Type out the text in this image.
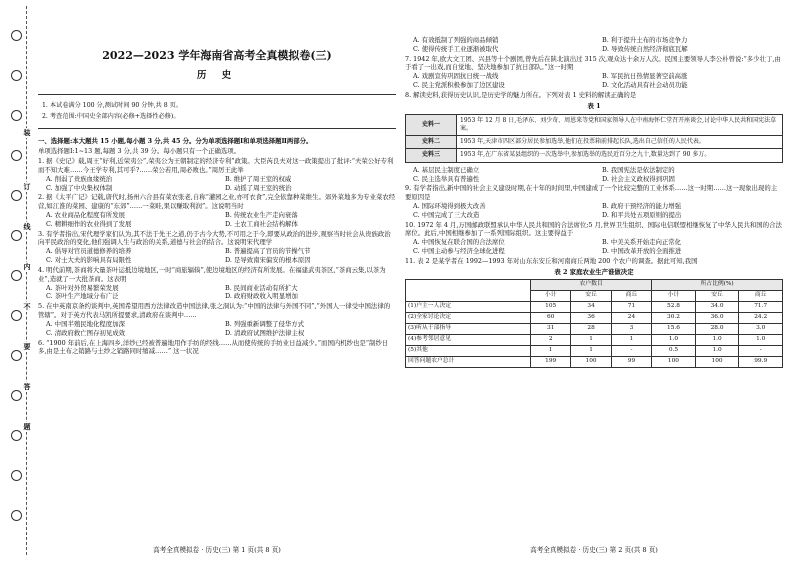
装
订
线
内
不
要
答
题
2022—2023 学年海南省高考全真模拟卷(三)
历 史
1. 本试卷满分 100 分,测试时间 90 分钟,共 8 页。
2. 考查范围:中国史全部内容(必修+选择性必修)。

一、选择题:本大题共 15 小题,每小题 3 分,共 45 分。分为单项选择题Ⅰ和单项选择题Ⅱ两部分。

单项选择题Ⅰ:1~13 题,每题 3 分,共 39 分。每小题只有一个正确选项。

1. 据《史记》载,周王“好利,近荣夷公”,荣夷公为王朝制定的经济专利”政策。大臣芮良夫对这一政策提出了批评:“夫荣公好专利而不知大难……今王学专利,其可乎?……荣公若用,周必败也。”周厉王此举

A. 削弱了贵族血缘统治	B. 维护了周王室的权威
C. 加强了中央集权体制	D. 动摇了周王室的统治

2. 据《太平广记》记载,唐代时,扬州六合县有菜农张老,自称“灌园之业,亦可衣食”,完全依靠种菜维生。郊外菜地多为专业菜农经营,如江淮的菜园、建康的“东郊”……一菜畦,果以赚取利润”。这说明当时

A. 农业商品化程度有所发展	B. 传统农业生产走向衰落
C. 精耕细作的农业得到了发展	D. 土农工商社会结构解体

3. 有学者指出,宋代理学家们认为,其不法于先王之道,仍于古今大势,不可用之于今,即要从政治的进步,观察当时社会从贵族政治向平民政治的变化,他们强调人生与政治的关系,道德与社会的结合。这说明宋代理学

A. 倡导对官员道德修养的培养	B. 普遍提高了官员的节操气节
C. 对士大夫的影响具有局限性	D. 是导致南宋偏安的根本原因

4. 明代前期,茶商将大量茶叶运抵边境地区,一时“商旅辐辏”,使边境地区的经济有所发展。在福建武夷茶区,“茶商云集,以茶为业”,造就了一大批茶商。这表明

A. 茶叶对外贸易繁荣发展	B. 民间商业活动有所扩大
C. 茶叶生产地域分布广泛	D. 政府财政收入明显增加

5. 在中英南京条约谈判中,英国希望用西方法律改造中国法律,张之洞认为:“中国的法律与外国不同”,“外国人一律受中国法律的管辖”。对于英方代表马凯所提要求,清政府在谈判中……

A. 中国半殖民地化程度加深	B. 列强重新调整了侵华方式
C. 清政府救亡图存初见成效	D. 清政府试图维护法律主权

6. “1900 年前后,在上海四乡,洋纱已经被普遍地用作手纺的经线……从而使传统的手纺业日益减少。”而国内机纱也是“制纱日多,由是土布之销路与土纱之销路同时缩减……” 这一状况

高考全真模拟卷 · 历史(三) 第 1 页(共 8 页)
A. 有效抵制了列强的商品倾销	B. 利于提升土布的市场竞争力
C. 使得传统手工业逐渐被取代	D. 导致传统自然经济彻底瓦解

7. 1942 年,欧大文工团、兴县等十个剧团,曾先后在陕北演出过 315 次,观众达十余万人次。民国主要领导人李公朴曾说:“多少壮丁,由于看了一出戏,而自觉地、坚决地参加了抗日部队。”这一时期

A. 戏剧宣传巩固抗日统一战线	B. 军民抗日热情显著空前高涨
C. 民主党派积极参加了边区建设	D. 文化活动具有社会动员功能

8. 解读史料,获得历史认识,是历史学的魅力所在。下列对表 1 史料的解读正确的是

表 1
史料一	1953 年 12 月 8 日,毛泽东、刘少奇、周恩来等党和国家领导人在中南海怀仁堂召开座谈会,讨论中华人民共和国宪法草案。
史料二	1953 年,天津市四区部分居民参加选举,他们在投票箱前排起长队,选出自己信任的人民代表。
史料三	1953 年,在广东省某县组织的一次选举中,参加选举的选民近百分之九十,数量达到了 90 多万。
A. 基层民主制度已确立	B. 我国宪法是依法制定的
C. 民主选举具有普遍性	D. 社会主义政权得到巩固

9. 有学者指出,新中国的社会主义建设时期,在十年的时间里,中国建成了一个比较完整的工业体系……这一时期……这一现象出现的主要原因是

A. 国际环境得到极大改善	B. 政府干预经济的能力增强
C. 中国完成了三大改造	D. 和平共处五项原则的提出

10. 1972 年 4 月,万国邮政联盟承认中华人民共和国的合法席位;5 月,世界卫生组织、国际电信联盟相继恢复了中华人民共和国的合法席位。此后,中国相继参加了一系列国际组织。这主要得益于

A. 中国恢复在联合国的合法席位	B. 中美关系开始走向正常化
C. 中国主动参与经济全球化进程	D. 中国改革开放的全面推进

11. 表 2 是某学者在 1992—1993 年对山东东安丘和河南商丘两地 200 个农户的调查。据此可知,我国

表 2 家庭农业生产谁做决定
	农户数目			所占比例(%)		
	小计	安丘	商丘	小计	安丘	商丘
(1)户主一人决定	105	34	71	52.8	34.0	71.7
(2)全家讨论决定	60	36	24	30.2	36.0	24.2
(3)听从干部指导	31	28	3	15.6	28.0	3.0
(4)参考邻居意见	2	1	1	1.0	1.0	1.0
(5)其他	1	1	-	0.5	1.0	-
回答问题农户总计	199	100	99	100	100	99.9
高考全真模拟卷 · 历史(三) 第 2 页(共 8 页)
